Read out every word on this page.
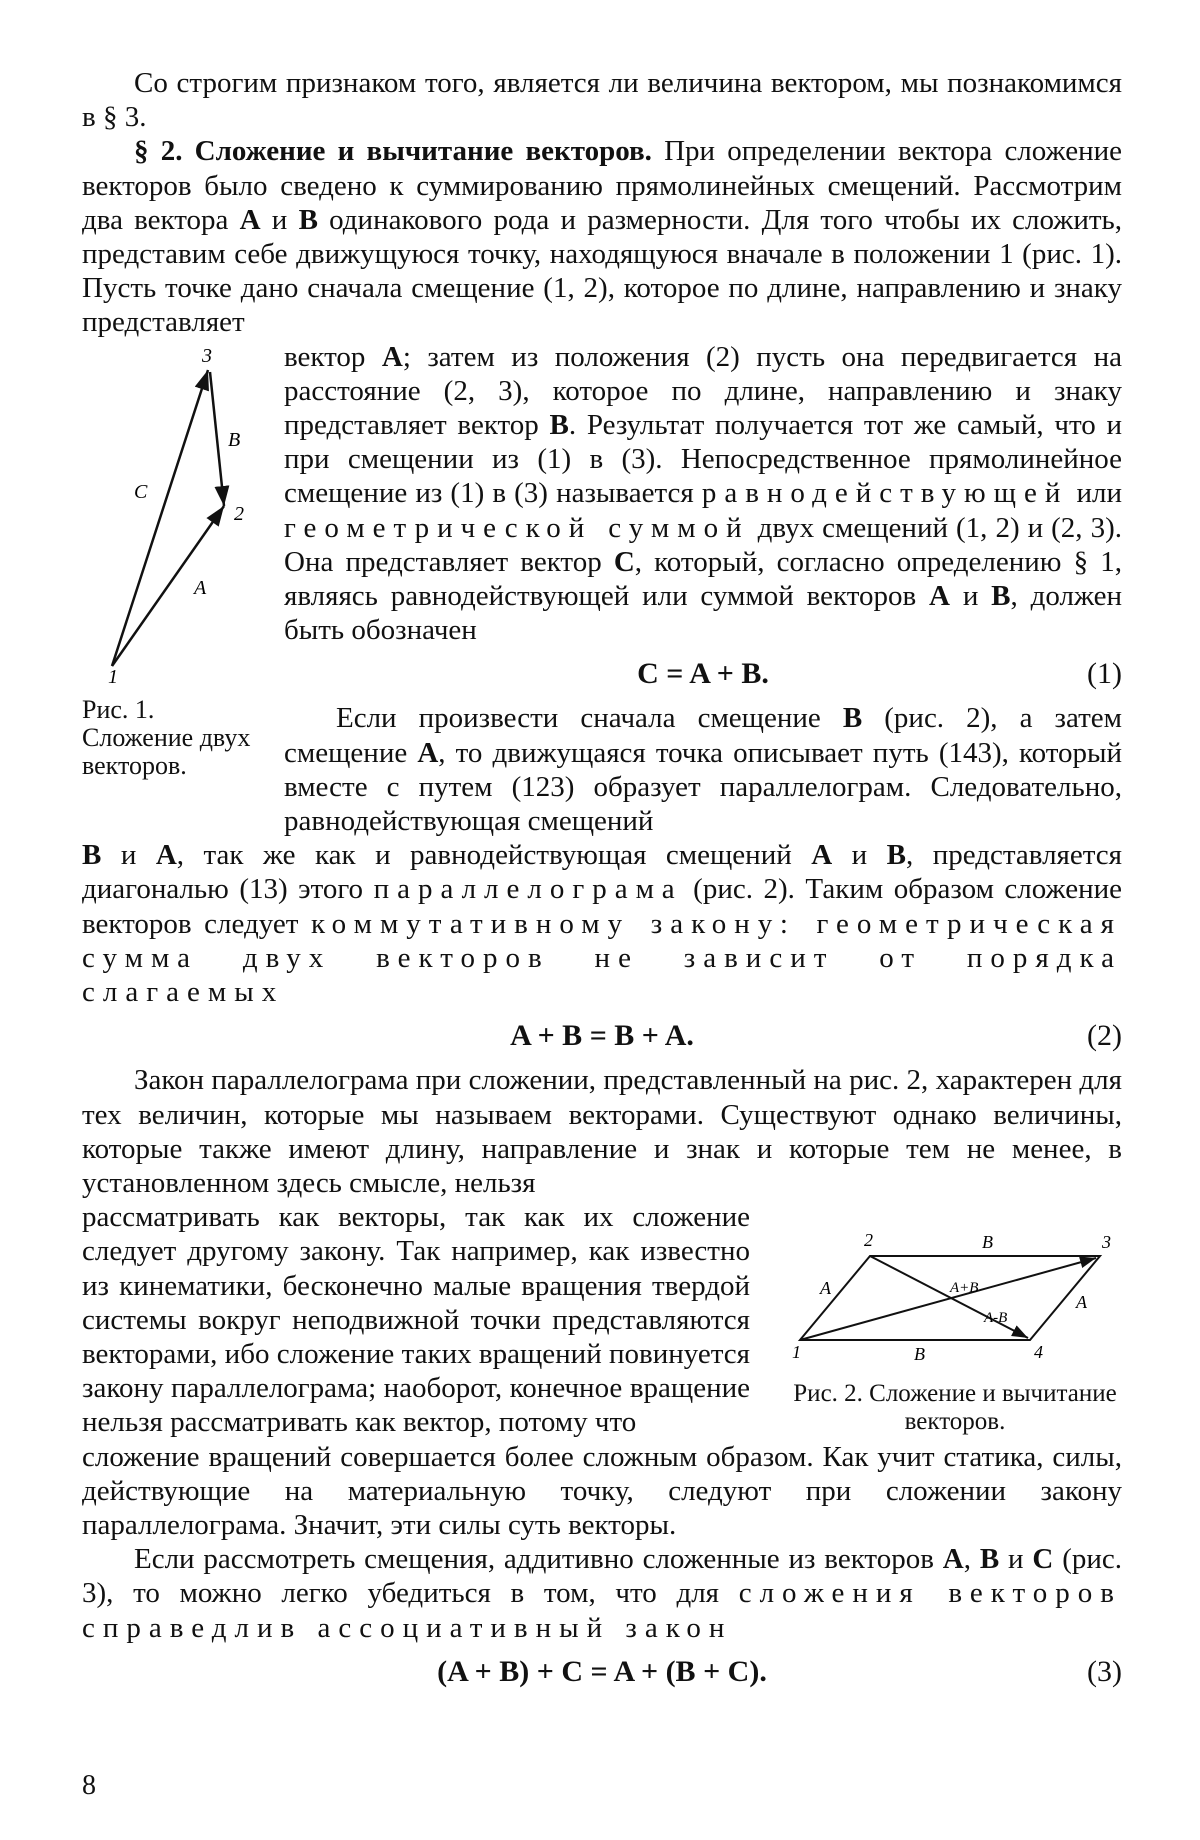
Со строгим признаком того, является ли величина вектором, мы познакомимся в § 3.

§ 2. Сложение и вычитание векторов. При определении вектора сложение векторов было сведено к суммированию прямолинейных смещений. Рассмотрим два вектора A и B одинакового рода и размерности. Для того чтобы их сложить, представим себе движущуюся точку, находящуюся вначале в положении 1 (рис. 1). Пусть точке дано сначала смещение (1, 2), которое по длине, направлению и знаку представляет

вектор A; затем из положения (2) пусть она передвигается на расстояние (2, 3), которое по длине, направлению и знаку представляет вектор B. Результат получается тот же самый, что и при смещении из (1) в (3). Непосредственное прямолинейное смещение из (1) в (3) называется равнодействующей или геометрической суммой двух смещений (1, 2) и (2, 3). Она представляет вектор C, который, согласно определению § 1, являясь равнодействующей или суммой векторов A и B, должен быть обозначен

C = A + B.	(1)

Если произвести сначала смещение B (рис. 2), а затем смещение A, то движущаяся точка описывает путь (143), который вместе с путем (123) образует параллелограм. Следовательно, равнодействующая смещений

B и A, так же как и равнодействующая смещений A и B, представляется диагональю (13) этого параллелограма (рис. 2). Таким образом сложение векторов следует коммутативному закону: геометрическая сумма двух векторов не зависит от порядка слагаемых

A + B = B + A.	(2)

Закон параллелограма при сложении, представленный на рис. 2, характерен для тех величин, которые мы называем векторами. Существуют однако величины, которые также имеют длину, направление и знак и которые тем не менее, в установленном здесь смысле, нельзя

рассматривать как векторы, так как их сложение следует другому закону. Так например, как известно из кинематики, бесконечно малые вращения твердой системы вокруг неподвижной точки представляются векторами, ибо сложение таких вращений повинуется закону параллелограма; наоборот, конечное вращение нельзя рассматривать как вектор, потому что

сложение вращений совершается более сложным образом. Как учит статика, силы, действующие на материальную точку, следуют при сложении закону параллелограма. Значит, эти силы суть векторы.

Если рассмотреть смещения, аддитивно сложенные из векторов A, B и C (рис. 3), то можно легко убедиться в том, что для сложения векторов справедлив ассоциативный закон

(A + B) + C = A + (B + C).	(3)
3
2
1
B
C
A
Рис. 1. Сложение двух векторов.
1
2	3
4
A
A
B
B
A+B
A-B
Рис. 2. Сложение и вычитание векторов.
8
